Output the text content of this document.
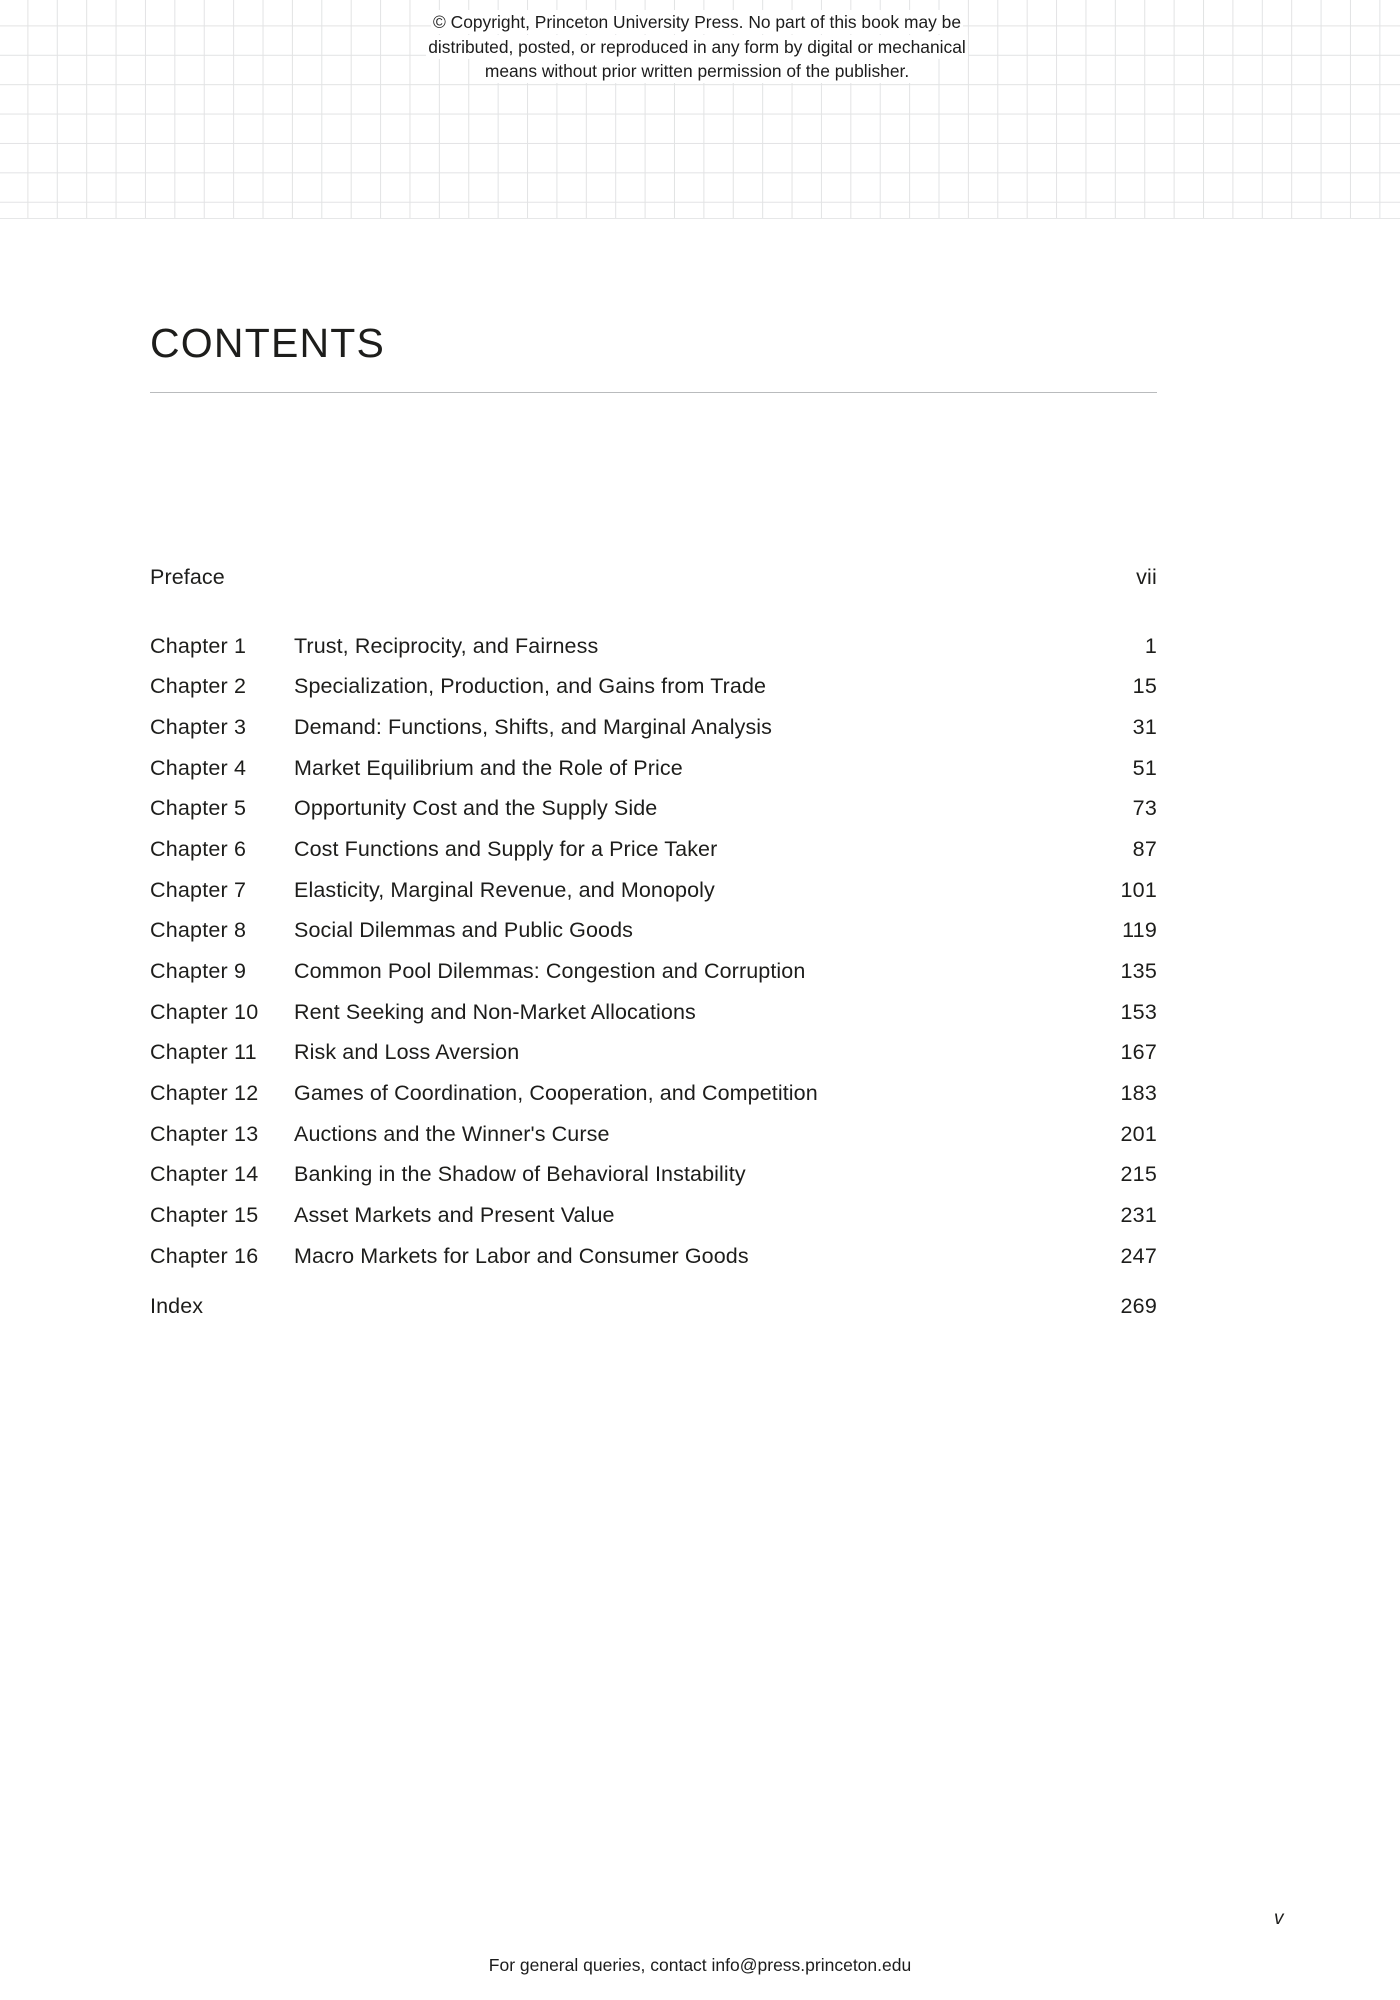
© Copyright, Princeton University Press. No part of this book may be
distributed, posted, or reproduced in any form by digital or mechanical
means without prior written permission of the publisher.
CONTENTS
Preface .....	vii
Chapter 1	Trust, Reciprocity, and Fairness .....	1
Chapter 2	Specialization, Production, and Gains from Trade .....	15
Chapter 3	Demand: Functions, Shifts, and Marginal Analysis .....	31
Chapter 4	Market Equilibrium and the Role of Price .....	51
Chapter 5	Opportunity Cost and the Supply Side .....	73
Chapter 6	Cost Functions and Supply for a Price Taker .....	87
Chapter 7	Elasticity, Marginal Revenue, and Monopoly .....	101
Chapter 8	Social Dilemmas and Public Goods .....	119
Chapter 9	Common Pool Dilemmas: Congestion and Corruption .....	135
Chapter 10	Rent Seeking and Non-Market Allocations .....	153
Chapter 11	Risk and Loss Aversion .....	167
Chapter 12	Games of Coordination, Cooperation, and Competition .....	183
Chapter 13	Auctions and the Winner's Curse .....	201
Chapter 14	Banking in the Shadow of Behavioral Instability .....	215
Chapter 15	Asset Markets and Present Value .....	231
Chapter 16	Macro Markets for Labor and Consumer Goods .....	247
Index .....	269
v
For general queries, contact info@press.princeton.edu
